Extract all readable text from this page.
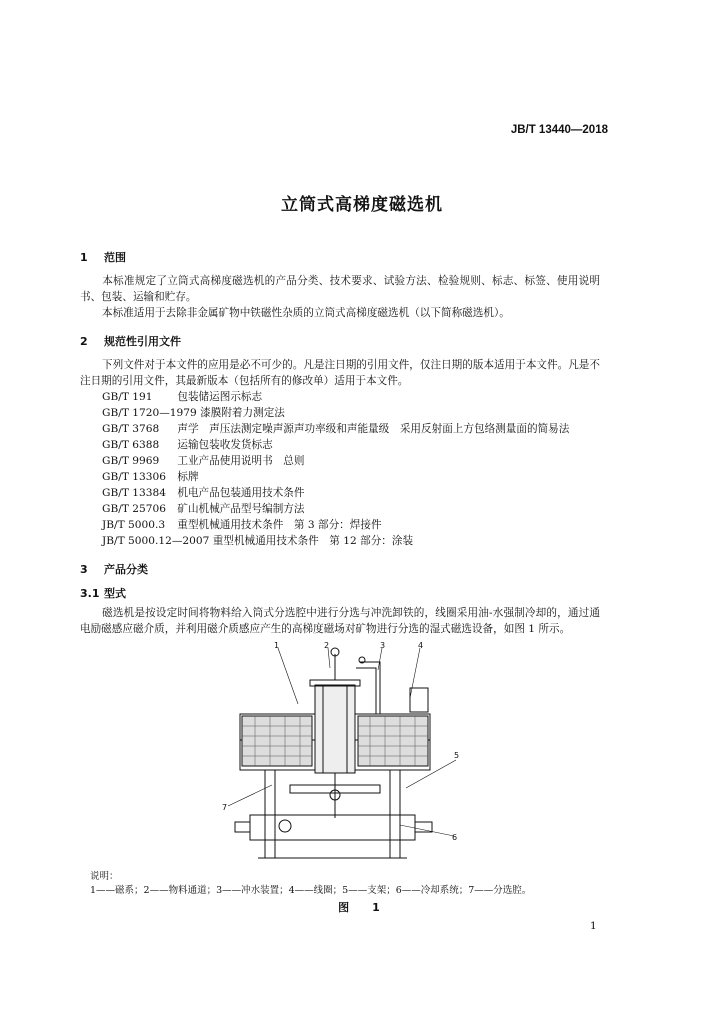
JB/T 13440—2018
立筒式高梯度磁选机
1 范围
本标准规定了立筒式高梯度磁选机的产品分类、技术要求、试验方法、检验规则、标志、标签、使用说明书、包装、运输和贮存。
本标准适用于去除非金属矿物中铁磁性杂质的立筒式高梯度磁选机（以下简称磁选机）。
2 规范性引用文件
下列文件对于本文件的应用是必不可少的。凡是注日期的引用文件，仅注日期的版本适用于本文件。凡是不注日期的引用文件，其最新版本（包括所有的修改单）适用于本文件。
GB/T 191 包装储运图示标志
GB/T 1720—1979 漆膜附着力测定法
GB/T 3768 声学　声压法测定噪声源声功率级和声能量级　采用反射面上方包络测量面的简易法
GB/T 6388 运输包装收发货标志
GB/T 9969 工业产品使用说明书　总则
GB/T 13306 标牌
GB/T 13384 机电产品包装通用技术条件
GB/T 25706 矿山机械产品型号编制方法
JB/T 5000.3 重型机械通用技术条件　第 3 部分：焊接件
JB/T 5000.12—2007 重型机械通用技术条件　第 12 部分：涂装
3 产品分类
3.1 型式
磁选机是按设定时间将物料给入筒式分选腔中进行分选与冲洗卸铁的，线圈采用油-水强制冷却的，通过通电励磁感应磁介质，并利用磁介质感应产生的高梯度磁场对矿物进行分选的湿式磁选设备，如图 1 所示。
1	2	3	4
5
6
7
说明：
1——磁系；2——物料通道；3——冲水装置；4——线圈；5——支架；6——冷却系统；7——分选腔。
图　1
1
